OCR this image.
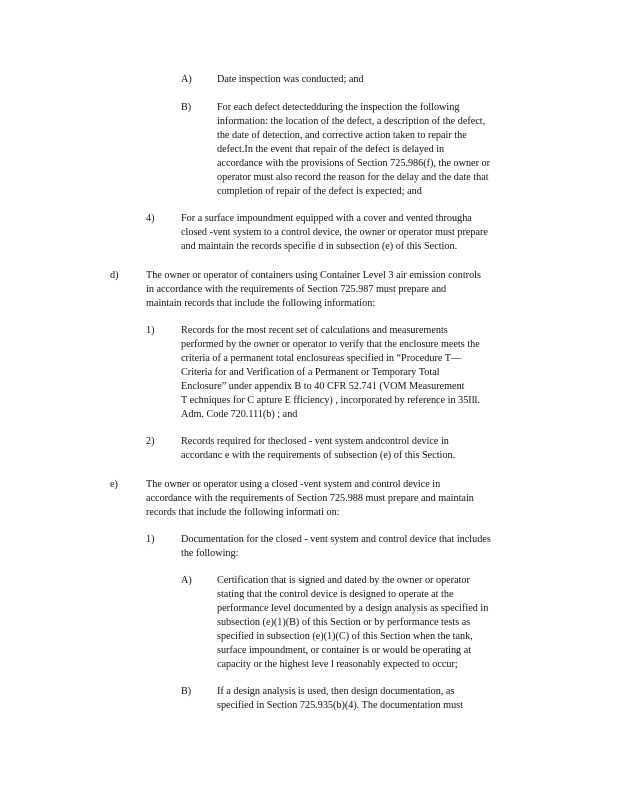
A) Date inspection was conducted; and
B)	For each defect detectedduring the inspection the following
information: the location of the defect, a description of the defect,
the date of detection, and corrective action taken to repair the
defect.In the event that repair of the defect is delayed in
accordance with the provisions of Section 725.986(f), the owner or
operator must also record the reason for the delay and the date that
completion of repair of the defect is expected; and
4)	For a surface impoundment equipped with a cover and vented througha
closed -vent system to a control device, the owner or operator must prepare
and maintain the records specifie d in subsection (e) of this Section.
d)	The owner or operator of containers using Container Level 3 air emission controls
in accordance with the requirements of Section 725.987 must prepare and
maintain records that include the following information:
1)	Records for the most recent set of calculations and measurements
performed by the owner or operator to verify that the enclosure meets the
criteria of a permanent total enclosureas specified in “Procedure T—
Criteria for and Verification of a Permanent or Temporary Total
Enclosure” under appendix B to 40 CFR 52.741 (VOM Measurement
T echniques for C apture E fficiency) , incorporated by reference in 35Ill.
Adm. Code 720.111(b) ; and
2)	Records required for theclosed - vent system andcontrol device in
accordanc e with the requirements of subsection (e) of this Section.
e)	The owner or operator using a closed -vent system and control device in
accordance with the requirements of Section 725.988 must prepare and maintain
records that include the following informati on:
1)	Documentation for the closed - vent system and control device that includes
the following:
A) Certification that is signed and dated by the owner or operator
stating that the control device is designed to operate at the
performance level documented by a design analysis as specified in
subsection (e)(1)(B) of this Section or by performance tests as
specified in subsection (e)(1)(C) of this Section when the tank,
surface impoundment, or container is or would be operating at
capacity or the highest leve l reasonably expected to occur;
B)	If a design analysis is used, then design documentation, as
specified in Section 725.935(b)(4). The documentation must
